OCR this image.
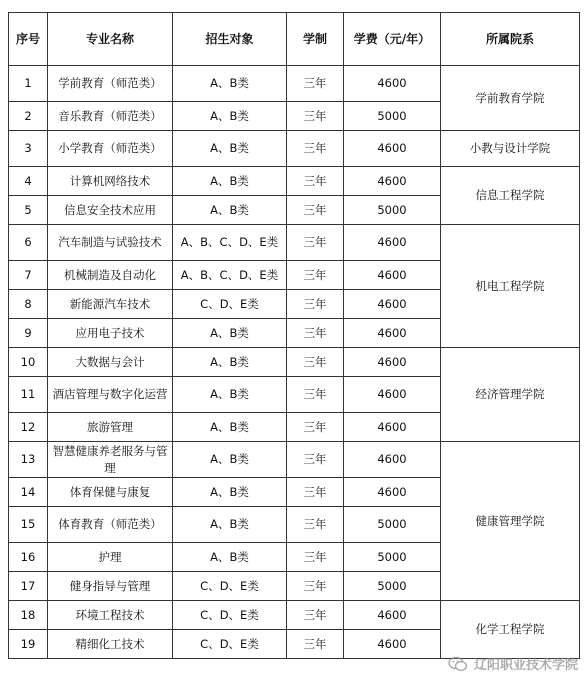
序号	专业名称	招生对象	学制	学费（元/年）	所属院系
1	学前教育（师范类）	A、B类	三年	4600	学前教育学院
2	音乐教育（师范类）	A、B类	三年	5000	
3	小学教育（师范类）	A、B类	三年	4600	小教与设计学院
4	计算机网络技术	A、B类	三年	4600	信息工程学院
5	信息安全技术应用	A、B类	三年	5000	
6	汽车制造与试验技术	A、B、C、D、E类	三年	4600	机电工程学院
7	机械制造及自动化	A、B、C、D、E类	三年	4600	
8	新能源汽车技术	C、D、E类	三年	4600	
9	应用电子技术	A、B类	三年	4600	
10	大数据与会计	A、B类	三年	4600	经济管理学院
11	酒店管理与数字化运营	A、B类	三年	4600	
12	旅游管理	A、B类	三年	4600	
13	智慧健康养老服务与管理	A、B类	三年	4600	健康管理学院
14	体育保健与康复	A、B类	三年	4600	
15	体育教育（师范类）	A、B类	三年	5000	
16	护理	A、B类	三年	5000	
17	健身指导与管理	C、D、E类	三年	5000	
18	环境工程技术	C、D、E类	三年	4600	化学工程学院
19	精细化工技术	C、D、E类	三年	4600	
辽阳职业技术学院
